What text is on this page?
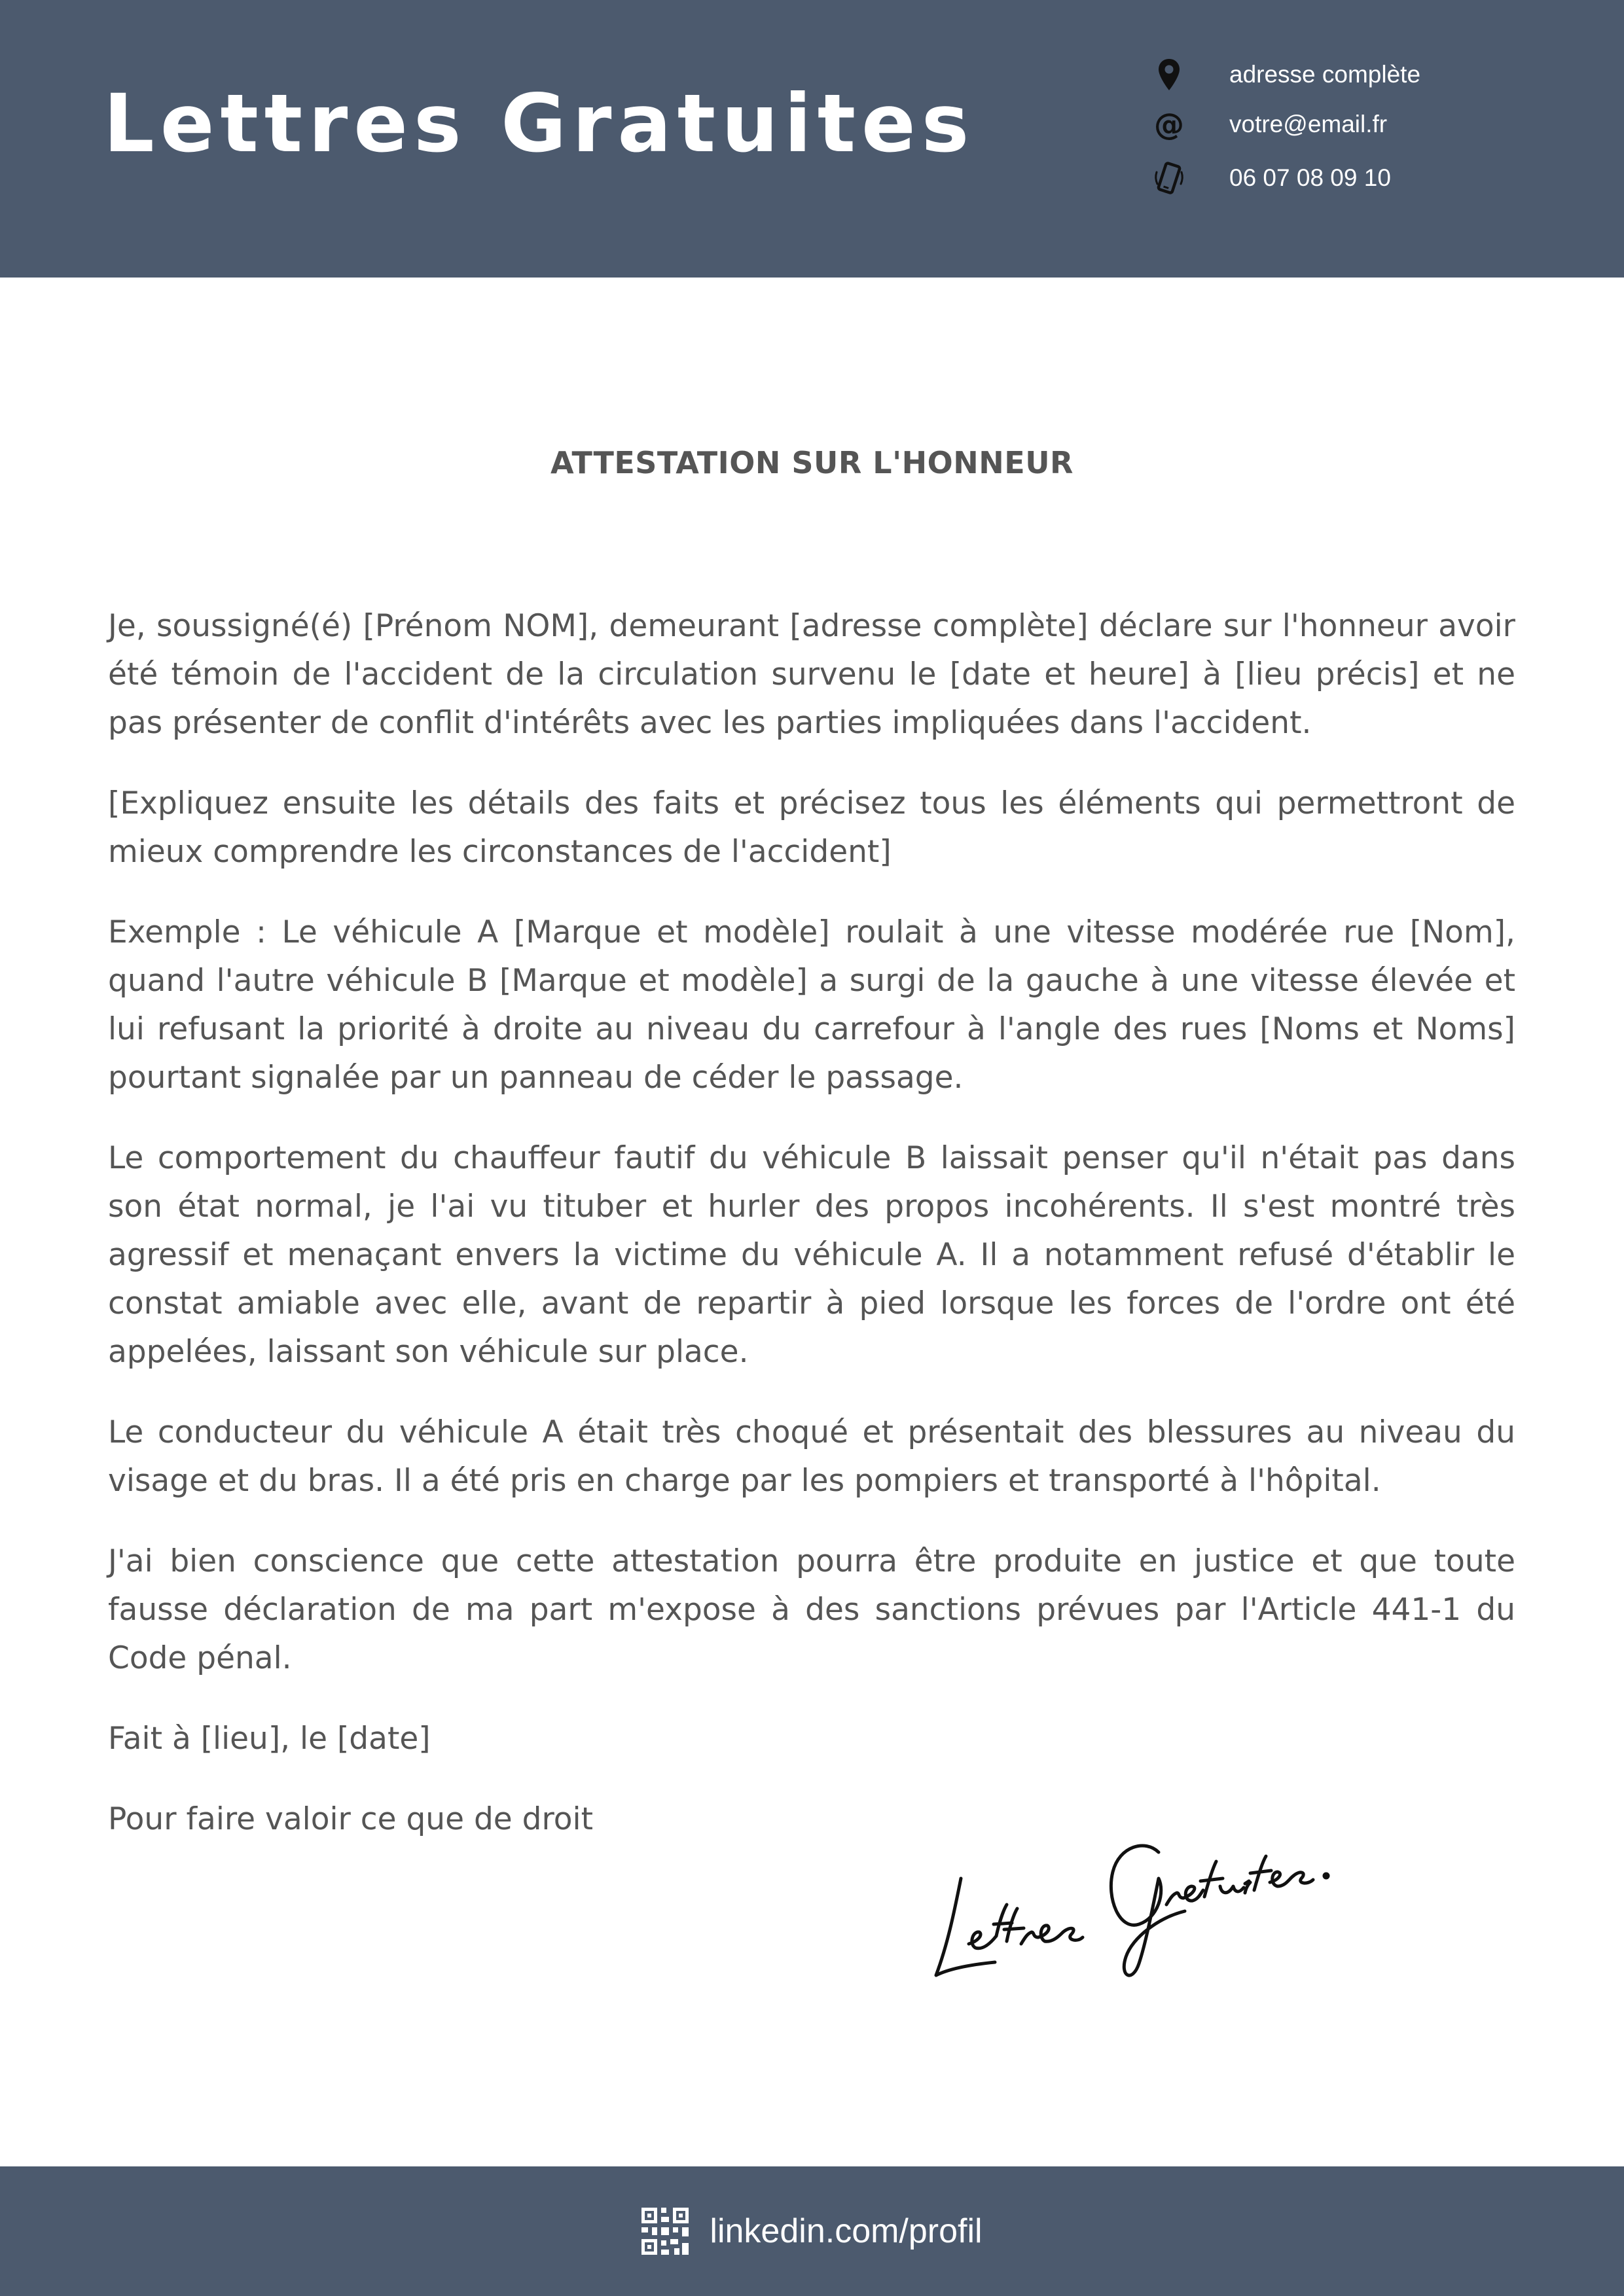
Lettres Gratuites
adresse complète
@ votre@email.fr
06 07 08 09 10
ATTESTATION SUR L'HONNEUR

Je, soussigné(é) [Prénom NOM], demeurant [adresse complète] déclare sur l'honneur avoir été témoin de l'accident de la circulation survenu le [date et heure] à [lieu précis] et ne pas présenter de conflit d'intérêts avec les parties impliquées dans l'accident.

[Expliquez ensuite les détails des faits et précisez tous les éléments qui permettront de mieux comprendre les circonstances de l'accident]

Exemple : Le véhicule A [Marque et modèle] roulait à une vitesse modérée rue [Nom], quand l'autre véhicule B [Marque et modèle] a surgi de la gauche à une vitesse élevée et lui refusant la priorité à droite au niveau du carrefour à l'angle des rues [Noms et Noms] pourtant signalée par un panneau de céder le passage.

Le comportement du chauffeur fautif du véhicule B laissait penser qu'il n'était pas dans son état normal, je l'ai vu tituber et hurler des propos incohérents. Il s'est montré très agressif et menaçant envers la victime du véhicule A. Il a notamment refusé d'établir le constat amiable avec elle, avant de repartir à pied lorsque les forces de l'ordre ont été appelées, laissant son véhicule sur place.

Le conducteur du véhicule A était très choqué et présentait des blessures au niveau du visage et du bras. Il a été pris en charge par les pompiers et transporté à l'hôpital.

J'ai bien conscience que cette attestation pourra être produite en justice et que toute fausse déclaration de ma part m'expose à des sanctions prévues par l'Article 441-1 du Code pénal.

Fait à [lieu], le [date]

Pour faire valoir ce que de droit

linkedin.com/profil
